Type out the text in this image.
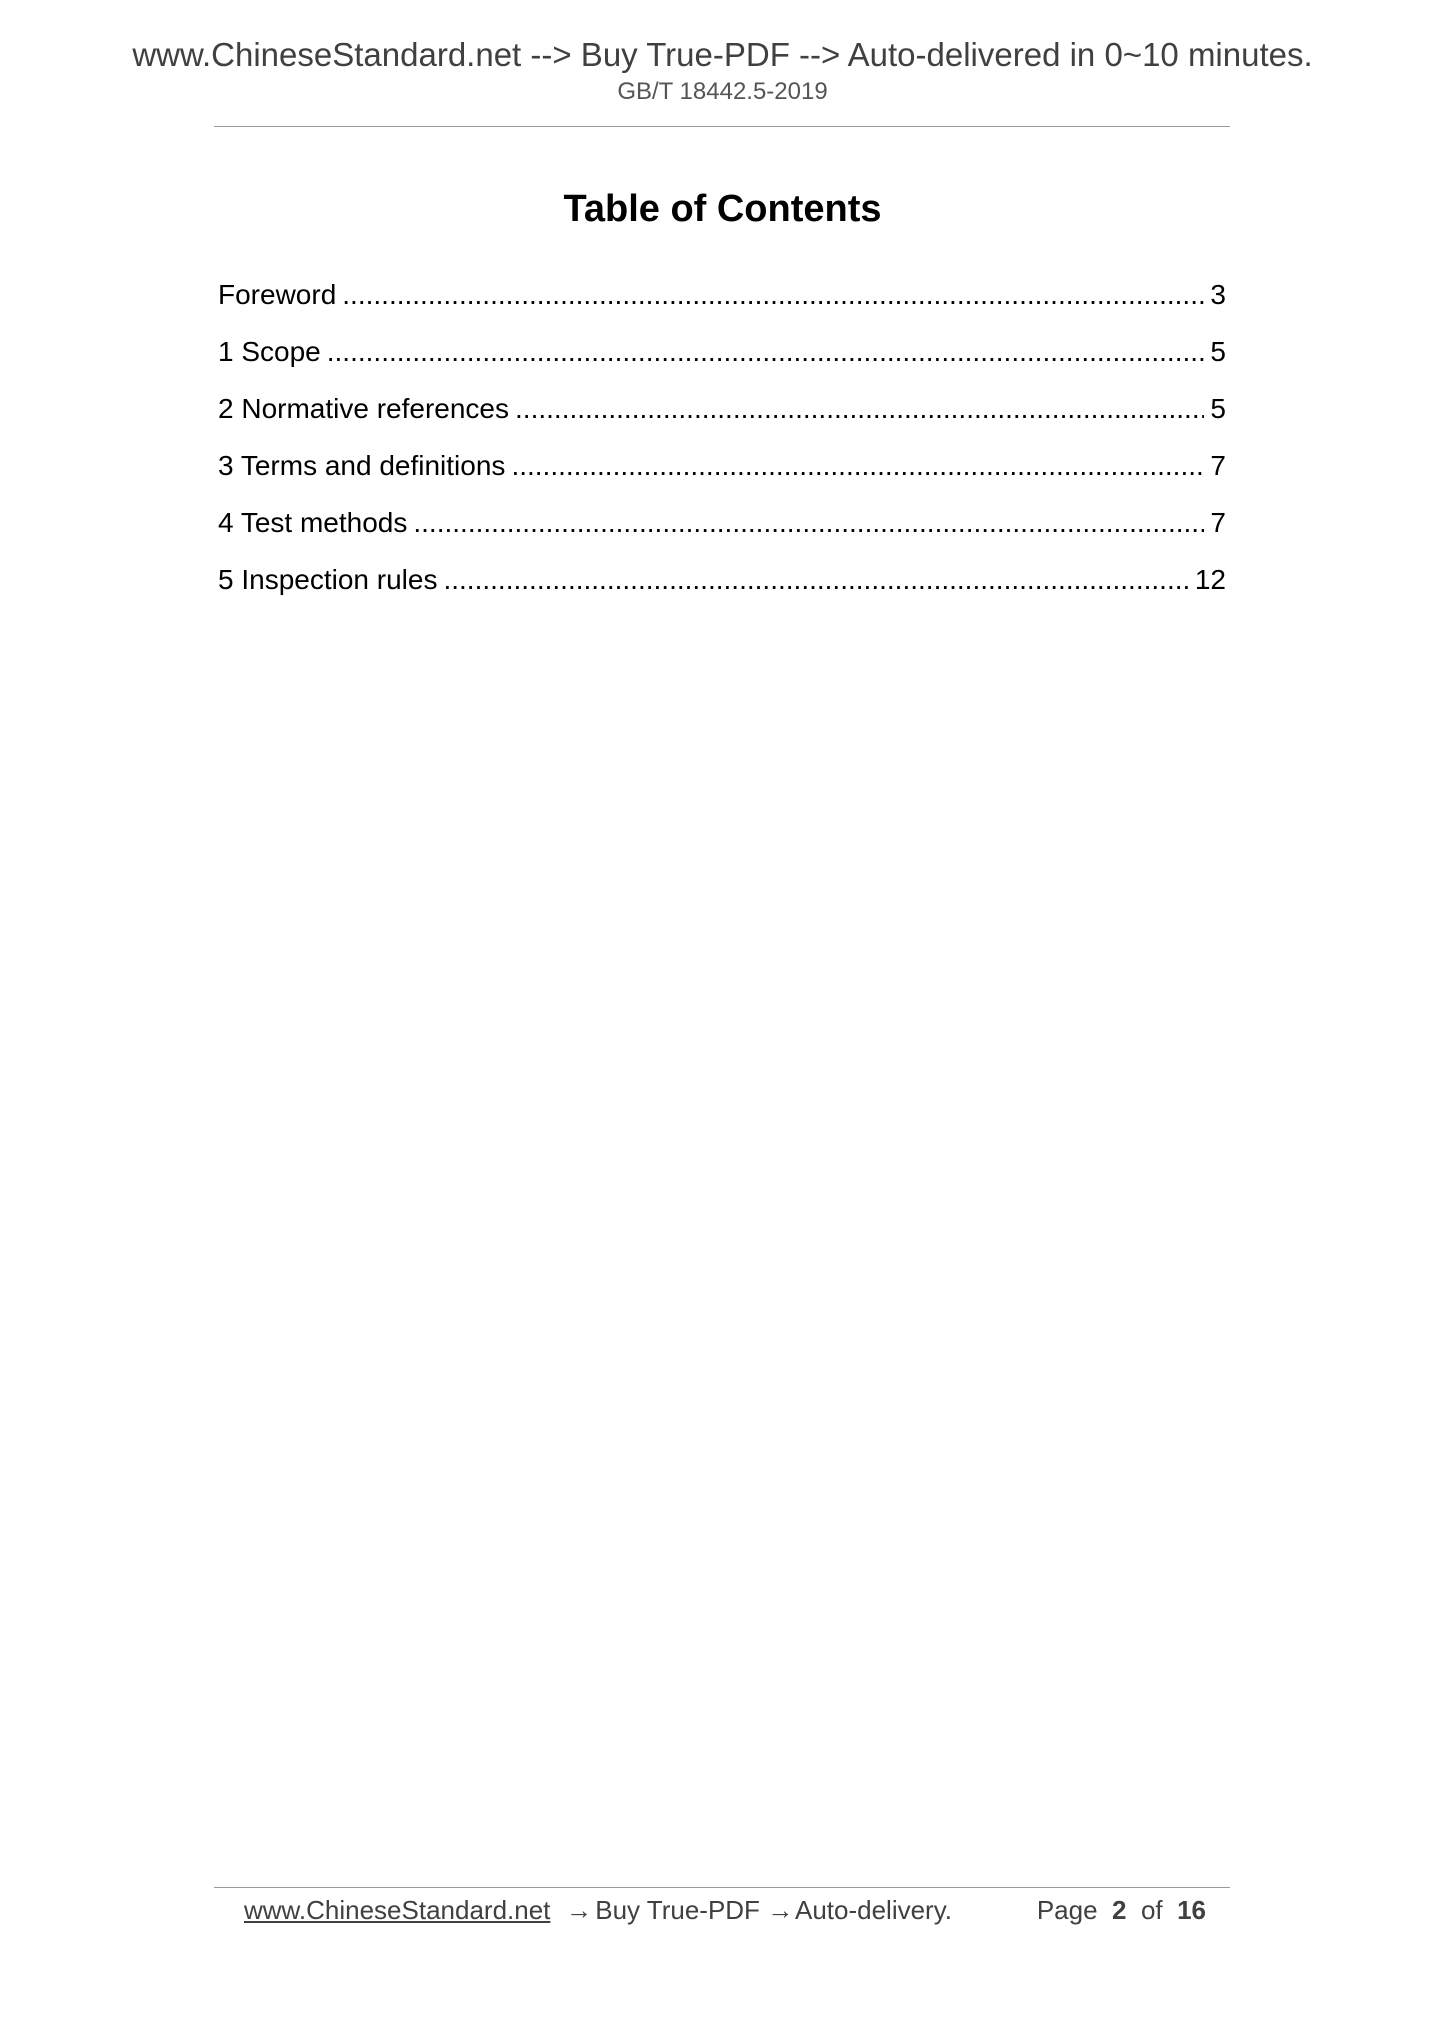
www.ChineseStandard.net --> Buy True-PDF --> Auto-delivered in 0~10 minutes.
GB/T 18442.5-2019
Table of Contents
Foreword .....	3
1 Scope .....	5
2 Normative references .....	5
3 Terms and definitions .....	7
4 Test methods .....	7
5 Inspection rules .....	12
www.ChineseStandard.net → Buy True-PDF → Auto-delivery.	Page 2 of 16
